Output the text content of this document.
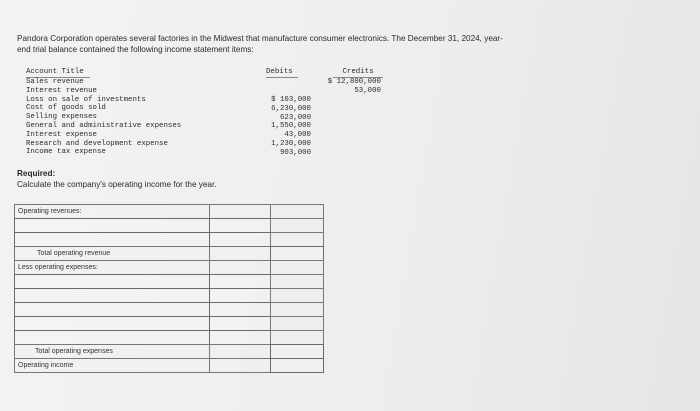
Pandora Corporation operates several factories in the Midwest that manufacture consumer electronics. The December 31, 2024, year-
end trial balance contained the following income statement items:
Account Title	Debits	Credits
Sales revenue
Interest revenue
Loss on sale of investments
Cost of goods sold
Selling expenses
General and administrative expenses
Interest expense
Research and development expense
Income tax expense
$ 12,800,000
53,000
$ 103,000
6,230,000
623,000
1,550,000
43,000
1,230,000
903,000
Required:
Calculate the company's operating income for the year.
Operating revenues:
Total operating revenue
Less operating expenses:
Total operating expenses
Operating income
